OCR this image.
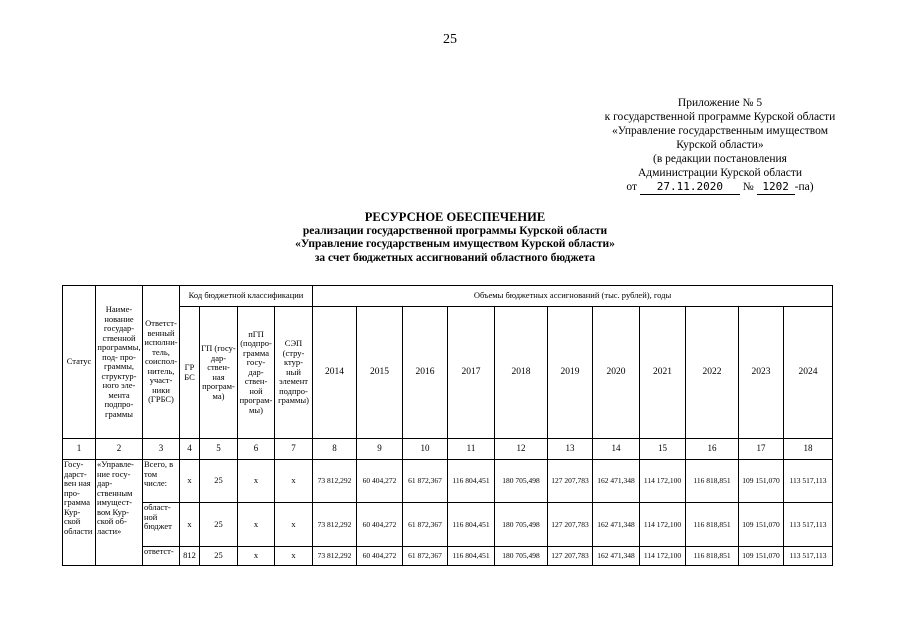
25
Приложение № 5
к государственной программе Курской области
«Управление государственным имуществом
Курской области»
(в редакции постановления
Администрации Курской области
от 27.11.2020 № 1202 -па)
РЕСУРСНОЕ ОБЕСПЕЧЕНИЕ
реализации государственной программы Курской области
«Управление государственым имуществом Курской области»
за счет бюджетных ассигнований областного бюджета
Статус	Наиме- нование государ- ственной программы, под- про- граммы, структур- ного эле- мента подпро- граммы	Ответст- венный исполни- тель, соиспол- нитель, участ- ники (ГРБС)	Код бюджетной классификации				Объемы бюджетных ассигнований (тыс. рублей), годы										
			ГР БС	ГП (госу- дар- ствен- ная програм- ма)	пГП (подпро- грамма госу- дар- ствен- ной програм- мы)	СЭП (стру- ктур- ный элемент подпро- граммы)	2014	2015	2016	2017	2018	2019	2020	2021	2022	2023	2024
1	2	3	4	5	6	7	8	9	10	11	12	13	14	15	16	17	18
Госу- дарст- вен ная про- грамма Кур- ской области	«Управле- ние госу- дар- ственным имущест- вом Кур- ской об- ласти»	Всего, в том числе:	x	25	x	x	73 812,292	60 404,272	61 872,367	116 804,451	180 705,498	127 207,783	162 471,348	114 172,100	116 818,851	109 151,070	113 517,113
		област- ной бюджет	x	25	x	x	73 812,292	60 404,272	61 872,367	116 804,451	180 705,498	127 207,783	162 471,348	114 172,100	116 818,851	109 151,070	113 517,113
		ответст-	812	25	x	x	73 812,292	60 404,272	61 872,367	116 804,451	180 705,498	127 207,783	162 471,348	114 172,100	116 818,851	109 151,070	113 517,113
